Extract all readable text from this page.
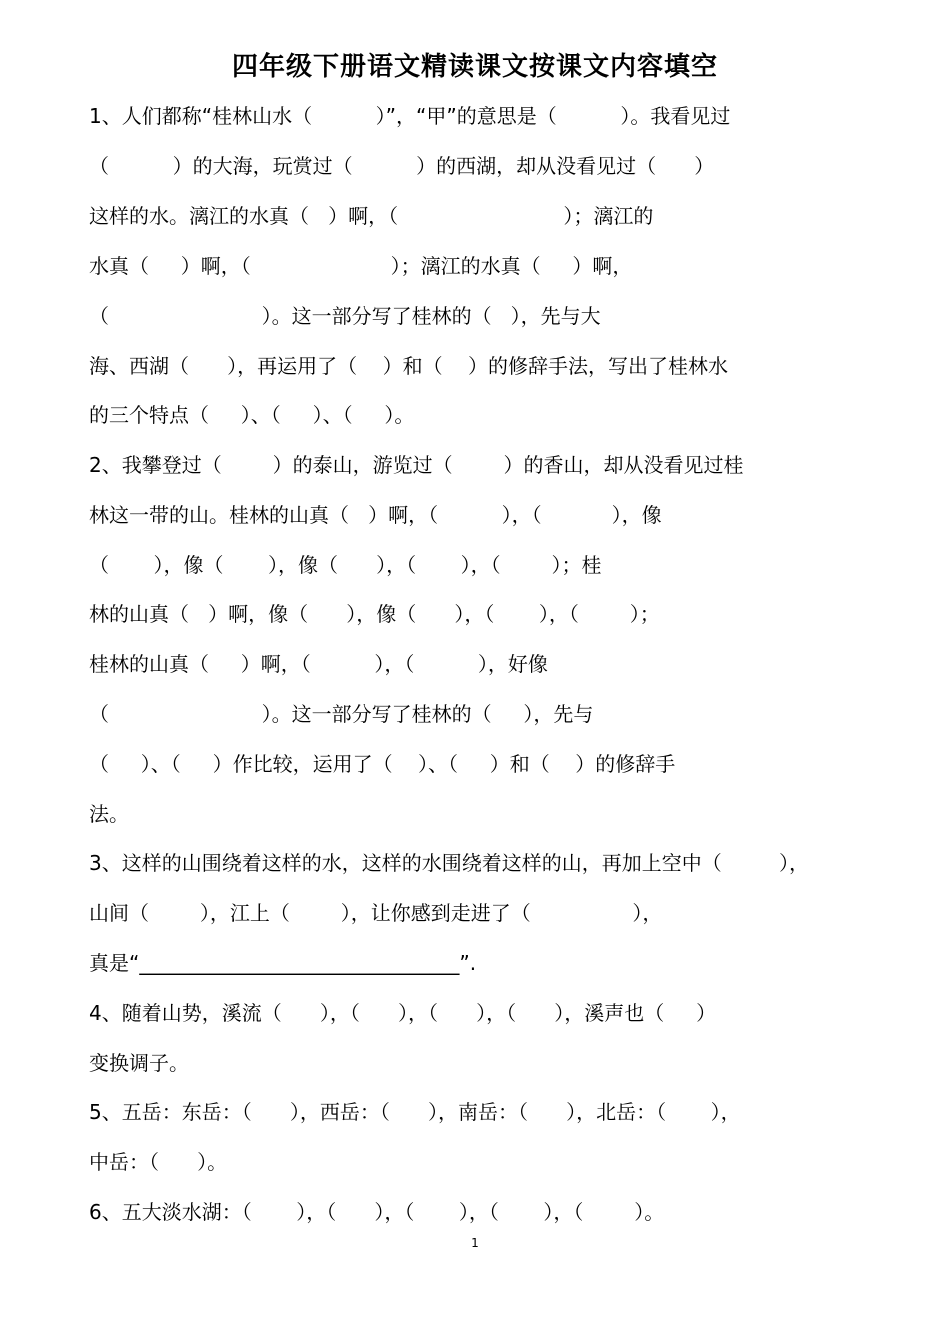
四年级下册语文精读课文按课文内容填空
1、人们都称“桂林山水（          ）”，“甲”的意思是（          ）。我看见过
（          ）的大海，玩赏过（          ）的西湖，却从没看见过（      ）
这样的水。漓江的水真（   ）啊，（                          ）；漓江的
水真（     ）啊，（                      ）；漓江的水真（     ）啊，
（                        ）。这一部分写了桂林的（   ），先与大
海、西湖（      ），再运用了（    ）和（    ）的修辞手法，写出了桂林水
的三个特点（     ）、（     ）、（     ）。
2、我攀登过（        ）的泰山，游览过（        ）的香山，却从没看见过桂
林这一带的山。桂林的山真（   ）啊，（          ），（           ），像
（       ），像（       ），像（      ），（       ），（        ）；桂
林的山真（   ）啊，像（      ），像（      ），（       ），（        ）；
桂林的山真（     ）啊，（          ），（          ），好像
（                        ）。这一部分写了桂林的（     ），先与
（     ）、（     ）作比较，运用了（    ）、（     ）和（    ）的修辞手
法。
3、这样的山围绕着这样的水，这样的水围绕着这样的山，再加上空中（         ），
山间（        ），江上（        ），让你感到走进了（                ），
真是“________________________________”.
4、随着山势，溪流（      ），（      ），（      ），（      ），溪声也（     ）
变换调子。
5、五岳：东岳：（      ），西岳：（      ），南岳：（      ），北岳：（       ），
中岳：（      ）。
6、五大淡水湖：（       ），（      ），（       ），（       ），（        ）。
1
